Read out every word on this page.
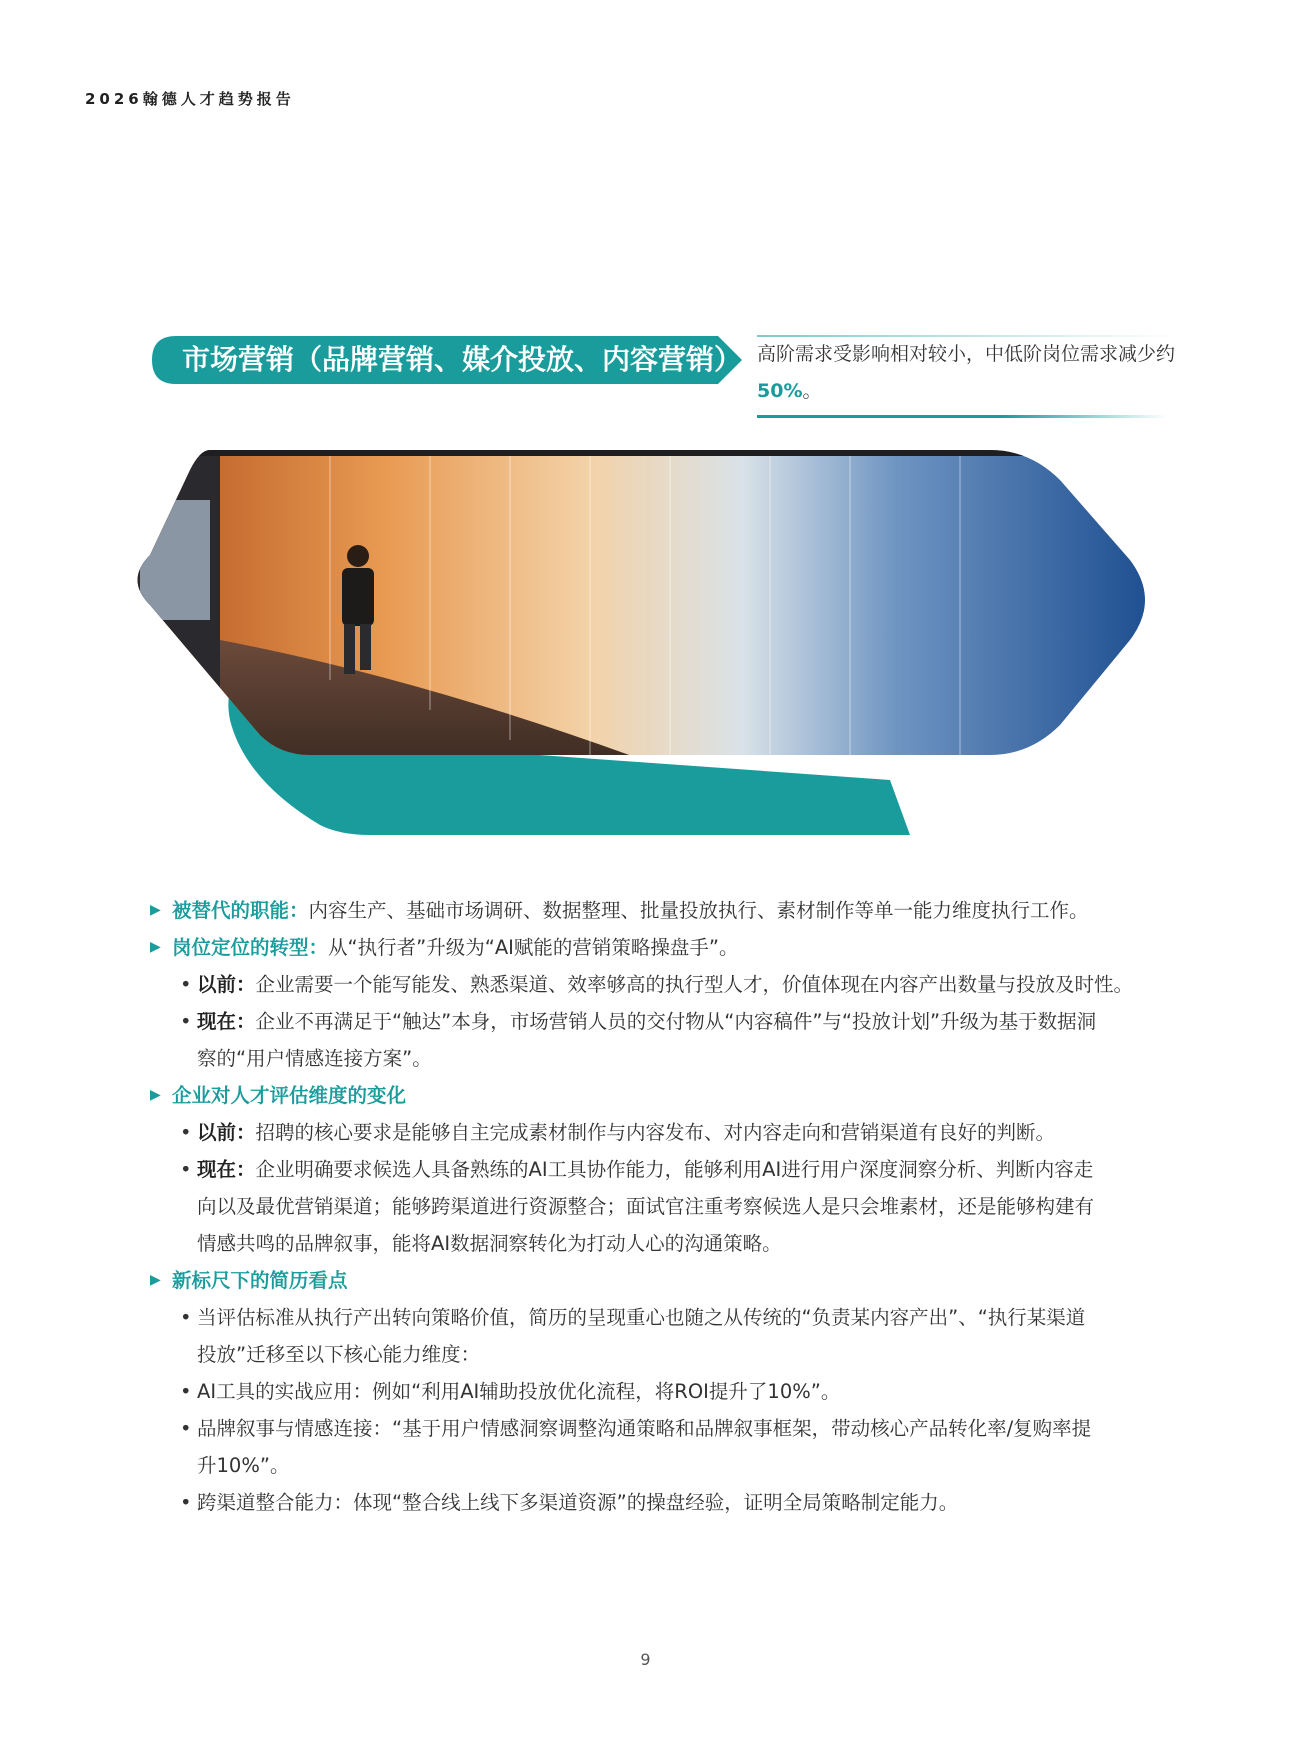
2026翰德人才趋势报告
市场营销（品牌营销、媒介投放、内容营销） 高阶需求受影响相对较小，中低阶岗位需求减少约50%。
▶ 被替代的职能：内容生产、基础市场调研、数据整理、批量投放执行、素材制作等单一能力维度执行工作。
▶ 岗位定位的转型：从“执行者”升级为“AI赋能的营销策略操盘手”。
• 以前：企业需要一个能写能发、熟悉渠道、效率够高的执行型人才，价值体现在内容产出数量与投放及时性。
• 现在：企业不再满足于“触达”本身，市场营销人员的交付物从“内容稿件”与“投放计划”升级为基于数据洞
察的“用户情感连接方案”。
▶ 企业对人才评估维度的变化
• 以前：招聘的核心要求是能够自主完成素材制作与内容发布、对内容走向和营销渠道有良好的判断。
• 现在：企业明确要求候选人具备熟练的AI工具协作能力，能够利用AI进行用户深度洞察分析、判断内容走
向以及最优营销渠道；能够跨渠道进行资源整合；面试官注重考察候选人是只会堆素材，还是能够构建有
情感共鸣的品牌叙事，能将AI数据洞察转化为打动人心的沟通策略。
▶ 新标尺下的简历看点
• 当评估标准从执行产出转向策略价值，简历的呈现重心也随之从传统的“负责某内容产出”、“执行某渠道
投放”迁移至以下核心能力维度：
• AI工具的实战应用：例如“利用AI辅助投放优化流程，将ROI提升了10%”。
• 品牌叙事与情感连接：“基于用户情感洞察调整沟通策略和品牌叙事框架，带动核心产品转化率/复购率提
升10%”。
• 跨渠道整合能力：体现“整合线上线下多渠道资源”的操盘经验，证明全局策略制定能力。
9
